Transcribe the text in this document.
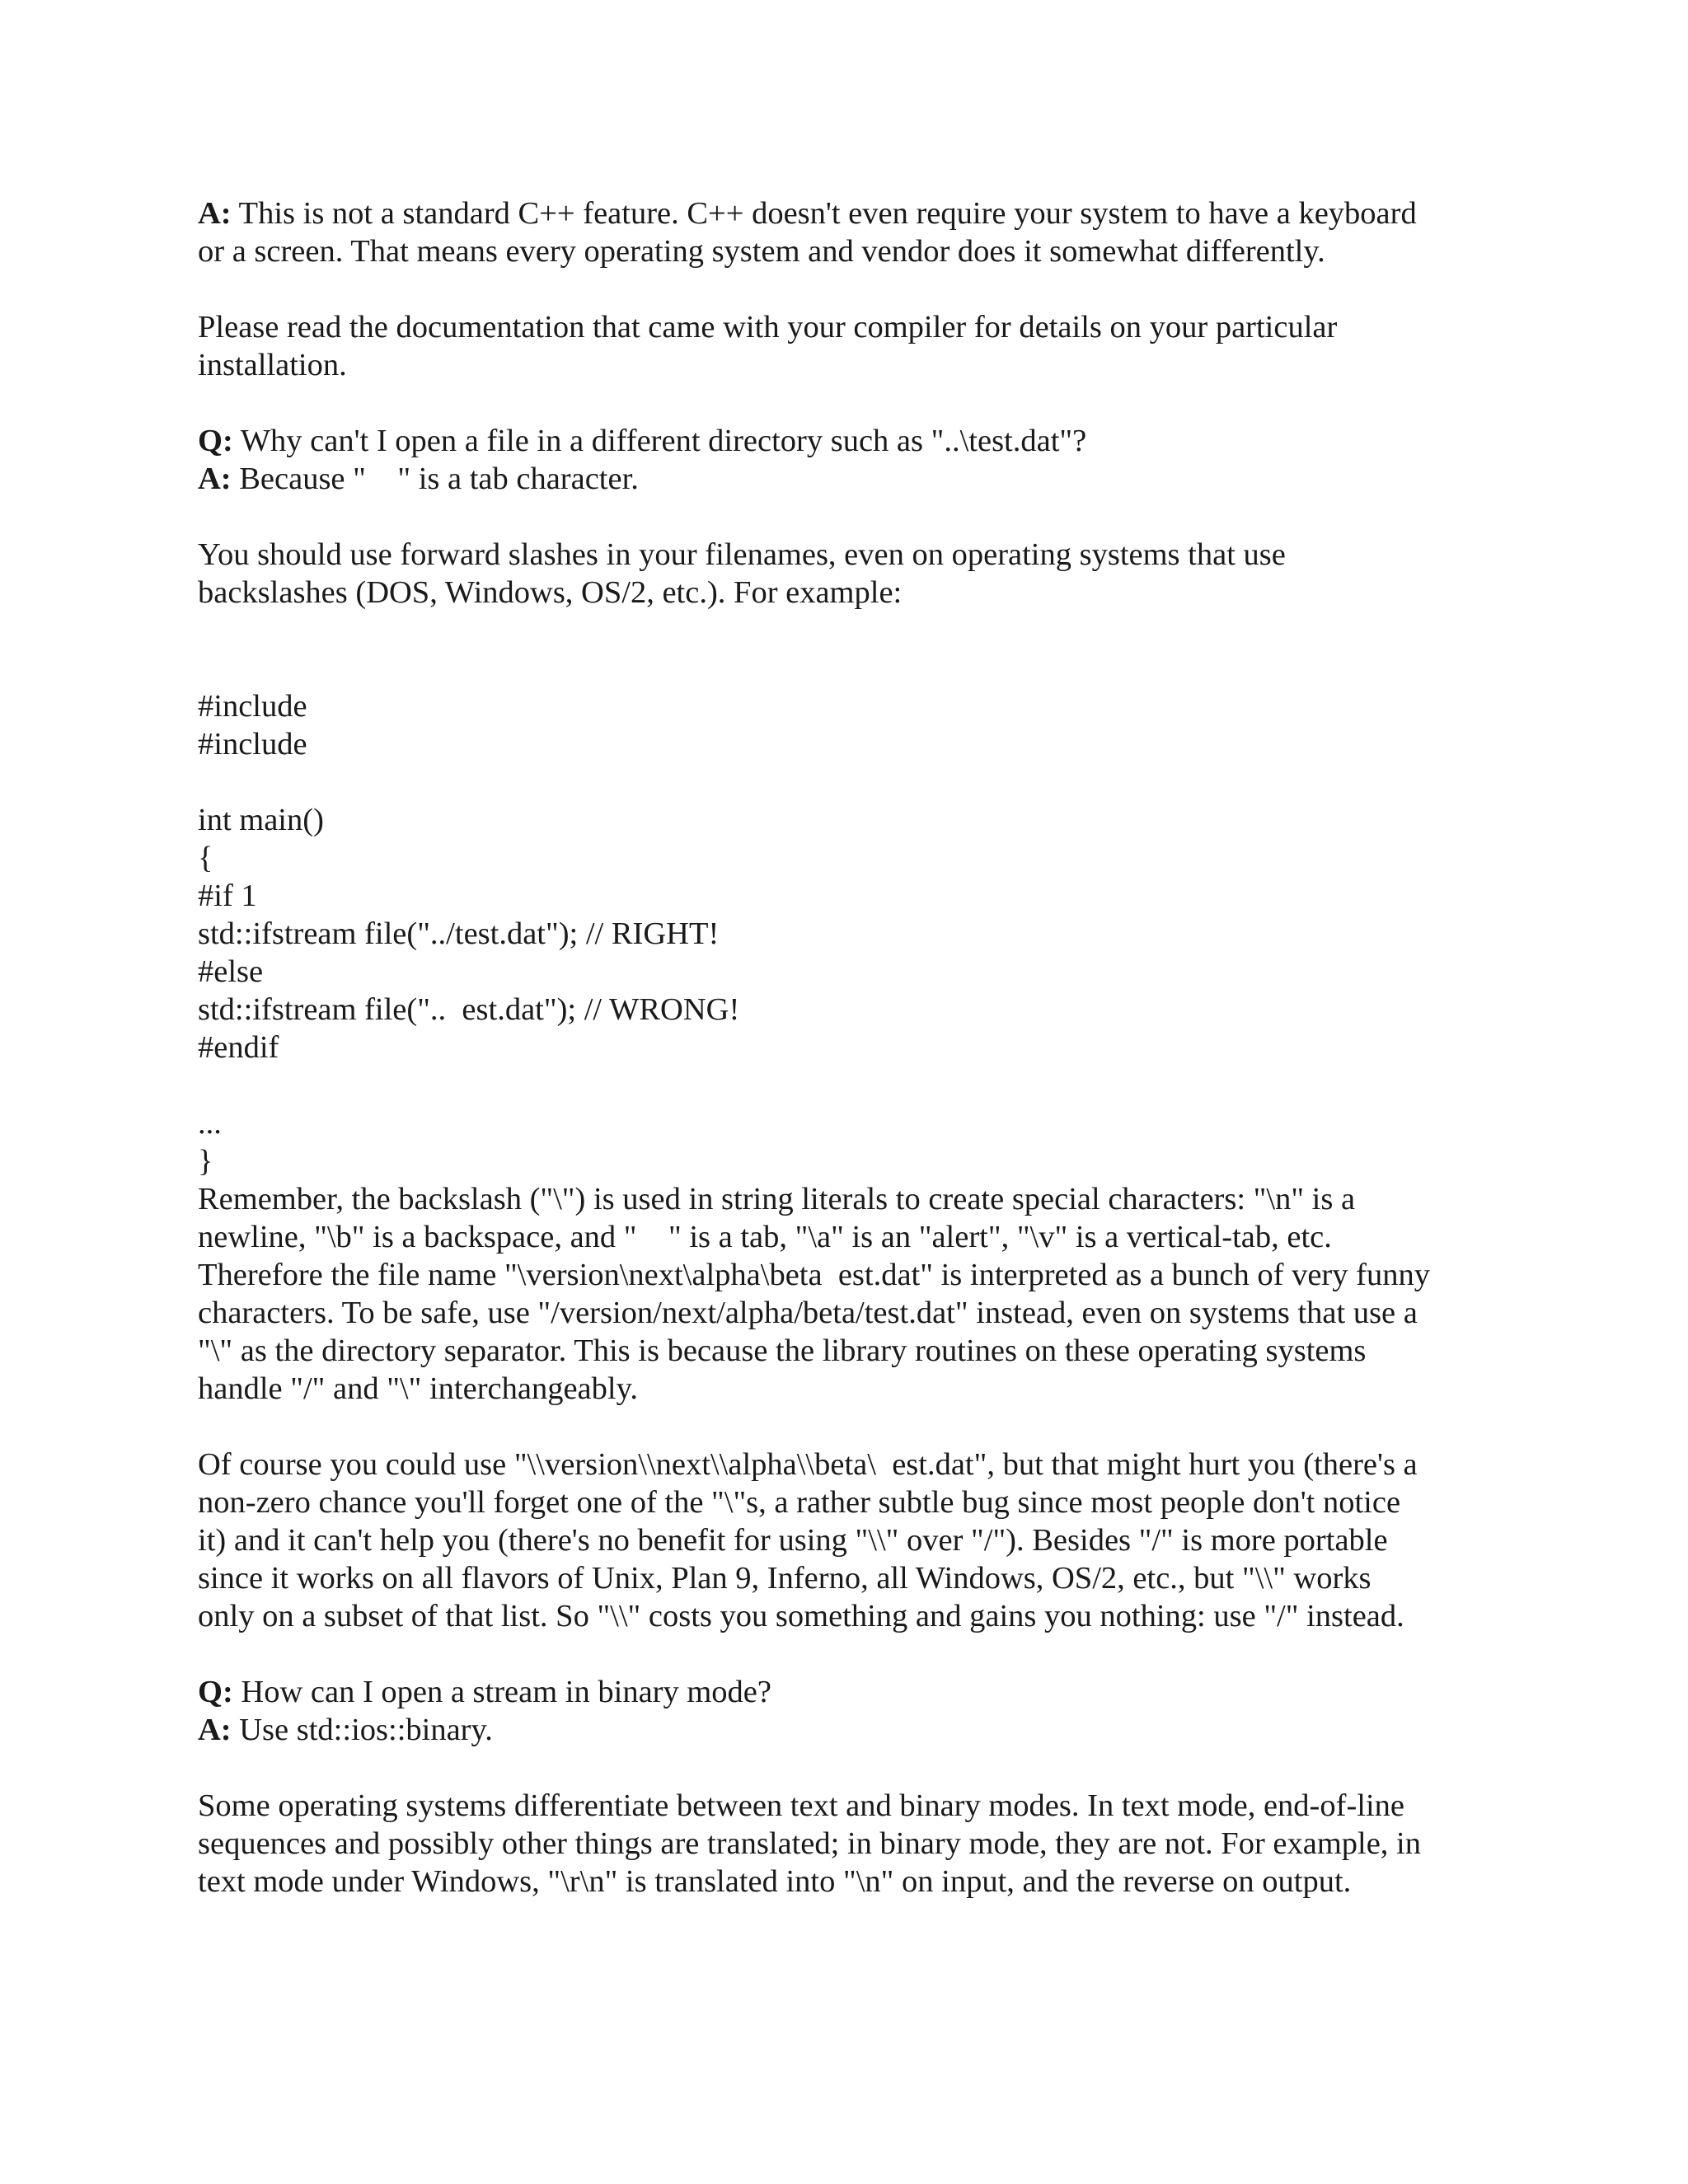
A: This is not a standard C++ feature. C++ doesn't even require your system to have a keyboard
or a screen. That means every operating system and vendor does it somewhat differently.
Please read the documentation that came with your compiler for details on your particular
installation.
Q: Why can't I open a file in a different directory such as "..\test.dat"?
A: Because "    " is a tab character.
You should use forward slashes in your filenames, even on operating systems that use
backslashes (DOS, Windows, OS/2, etc.). For example:
#include
#include
int main()
{
#if 1
std::ifstream file("../test.dat"); // RIGHT!
#else
std::ifstream file("..  est.dat"); // WRONG!
#endif
...
}
Remember, the backslash ("\") is used in string literals to create special characters: "\n" is a
newline, "\b" is a backspace, and "    " is a tab, "\a" is an "alert", "\v" is a vertical-tab, etc.
Therefore the file name "\version\next\alpha\beta  est.dat" is interpreted as a bunch of very funny
characters. To be safe, use "/version/next/alpha/beta/test.dat" instead, even on systems that use a
"\" as the directory separator. This is because the library routines on these operating systems
handle "/" and "\" interchangeably.
Of course you could use "\\version\\next\\alpha\\beta\  est.dat", but that might hurt you (there's a
non-zero chance you'll forget one of the "\"s, a rather subtle bug since most people don't notice
it) and it can't help you (there's no benefit for using "\\" over "/"). Besides "/" is more portable
since it works on all flavors of Unix, Plan 9, Inferno, all Windows, OS/2, etc., but "\\" works
only on a subset of that list. So "\\" costs you something and gains you nothing: use "/" instead.
Q: How can I open a stream in binary mode?
A: Use std::ios::binary.
Some operating systems differentiate between text and binary modes. In text mode, end-of-line
sequences and possibly other things are translated; in binary mode, they are not. For example, in
text mode under Windows, "\r\n" is translated into "\n" on input, and the reverse on output.
